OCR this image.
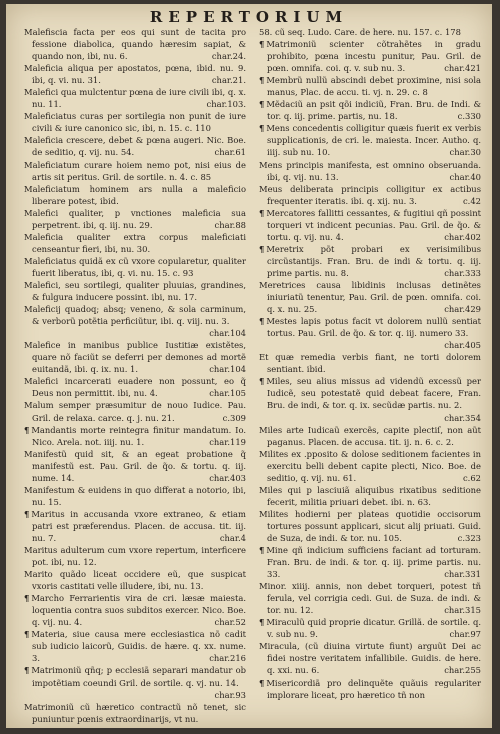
REPERTORIUM

Malefiscia facta per eos qui sunt de tacita pro fessione diabolica, quando hæresim sapiat, & quando non, ibi, nu. 6.	char.24.

Maleficia aliqua per apostatos, pœna, ibid. nu. 9. ibi, q. vi. nu. 31.	char.21.

Malefici qua mulctentur pœna de iure civili ibi, q. x. nu. 11.	char.103.

Maleficiatus curas per sortilegia non punit de iure civili & iure canonico sic, ibi, n. 15. c. 110

Maleficia crescere, debet & pœna augeri. Nic. Boe. de seditio, q. vij. nu. 54.	char.61

Maleficiatum curare hoiem nemo pot, nisi eius de artis sit peritus. Gril. de sortile. n. 4. c. 85

Maleficiatum hominem ars nulla a maleficio liberare potest, ibid.

Malefici qualiter, p vnctiones maleficia sua perpetrent. ibi, q. iij. nu. 29.	char.88

Maleficia qualiter extra corpus maleficiati censeantur fieri, ibi, nu. 30.

Maleficiatus quidã ex cũ vxore copularetur, qualiter fuerit liberatus, ibi, q. vi. nu. 15. c. 93

Malefici, seu sortilegi, qualiter pluuias, grandines, & fulgura inducere possint. ibi, nu. 17.

Maleficij quadoq; absq; veneno, & sola carminum, & verborũ potẽtia perficiũtur, ibi. q. viij. nu. 3.
char.104

Malefice in manibus publice Iustitiæ existẽtes, quare nõ faciũt se deferri per demones ad mortẽ euitandã, ibi. q. ix. nu. 1.	char.104

Malefici incarcerati euadere non possunt, eo q̃ Deus non permittit. ibi, nu. 4.	char.105

Malum semper præsumitur de nouo Iudice. Pau. Gril. de relaxa. carce. q. j. nu. 21.	c.309

¶ Mandantis morte reintegra finitur mandatum. Io. Nico. Arela. not. iiij. nu. 1.	char.119

Manifestũ quid sit, & an egeat probatione q̃ manifestũ est. Pau. Gril. de q̃o. & tortu. q. iij. nume. 14.	char.403

Manifestum & euidens in quo differat a notorio, ibi, nu. 15.

¶ Maritus in accusanda vxore extraneo, & etiam patri est præferendus. Placen. de accusa. tit. iij. nu. 7.	char.4

Maritus adulterum cum vxore repertum, interficere pot. ibi, nu. 12.

Marito quãdo liceat occidere eũ, que suspicat vxoris castitati velle illudere, ibi, nu. 13.

¶ Marcho Ferrarientis vira de cri. læsæ maiesta. loquentia contra suos subditos exercer. Nico. Boe. q. vij. nu. 4.	char.52

¶ Materia, siue causa mere ecclesiastica nõ cadit sub iudicio laicorũ, Guidis. de hære. q. xx. nume. 3.	char.216

¶ Matrimoniũ qñq; p ecclesiã separari mandatur ob impotẽtiam coeundi Gril. de sortile. q. vj. nu. 14.
char.93

Matrimoniũ cũ hæretico contractũ nõ tenet, sic puniuntur pœnis extraordinarijs, vt nu.

58. cũ seq. Ludo. Care. de here. nu. 157. c. 178

¶ Matrimoniũ scienter cõtrahẽtes in gradu prohibito, pœna incestu punitur, Pau. Gril. de pœn. omnifa. coi. q. v. sub nu. 3.	char.421

¶ Membrũ nullũ abscindi debet proximine, nisi sola manus, Plac. de accu. ti. vj. n. 29. c. 8

¶ Mẽdaciũ an psit qõi indiciũ, Fran. Bru. de Indi. & tor. q. iij. prime. partis, nu. 18.	c.330

¶ Mens concedentis colligitur quæis fuerit ex verbis supplicationis, de cri. le. maiesta. Incer. Autho. q. iiij. sub nu. 10.	char.30

Mens principis manifesta, est omnino obseruanda. ibi, q. vij. nu. 13.	char.40

Meus deliberata principis colligitur ex actibus frequenter iteratis. ibi. q. xij. nu. 3.	c.42

¶ Mercatores fallitti cessantes, & fugitiui qñ possint torqueri vt indicent pecunias. Pau. Gril. de q̃o. & tortu. q. vij. nu. 4.	char.402

¶ Meretrix põt probari ex verisimilibus circũstantijs. Fran. Bru. de indi & tortu. q. iij. prime partis. nu. 8.	char.333

Meretrices causa libidinis inclusas detinẽtes iniuriatũ tenentur, Pau. Gril. de pœn. omnifa. coi. q. x. nu. 25.	char.429

¶ Mestes lapis potus facit vt dolorem nullũ sentiat tortus. Pau. Gril. de q̃o. & tor. q. iij. numero 33.
char.405

Et quæ remedia verbis fiant, ne torti dolorem sentiant. ibid.

¶ Miles, seu alius missus ad videndũ excessũ per Iudicẽ, seu potestatẽ quid debeat facere, Fran. Bru. de indi, & tor. q. ix. secũdæ partis. nu. 2.
char.354

Miles arte Iudicaũ exercẽs, capite plectiſ, non aũt paganus. Placen. de accusa. tit. ij. n. 6. c. 2.

Milites ex .pposito & dolose seditionem facientes in exercitu belli debent capite plecti, Nico. Boe. de seditio, q. vij. nu. 61.	c.62

Miles qui p lasciuiã aliquibus rixatibus seditione fecerit, militia priuari debet. ibi. n. 63.

Milites hodierni per plateas quotidie occisorum tortures possunt applicari, sicut alij priuati. Guid. de Suza, de indi. & tor. nu. 105.	c.323

¶ Mine qñ indicium sufficiens faciant ad torturam. Fran. Bru. de indi. & tor. q. iij. prime partis. nu. 33.	char.331

Minor. xiiij. annis, non debet torqueri, potest tñ ferula, vel corrigia cedi. Gui. de Suza. de indi. & tor. nu. 12.	char.315

¶ Miraculũ quid proprie dicatur. Grillã. de sortile. q. v. sub nu. 9.	char.97

Miracula, (cũ diuina virtute fiunt) arguũt Dei ac fidei nostre veritatem infallibile. Guidis. de here. q. xxi. nu. 6.	char.255

¶ Misericordiã pro delinquẽte quãuis regulariter implorare liceat, pro hæretico tñ non
